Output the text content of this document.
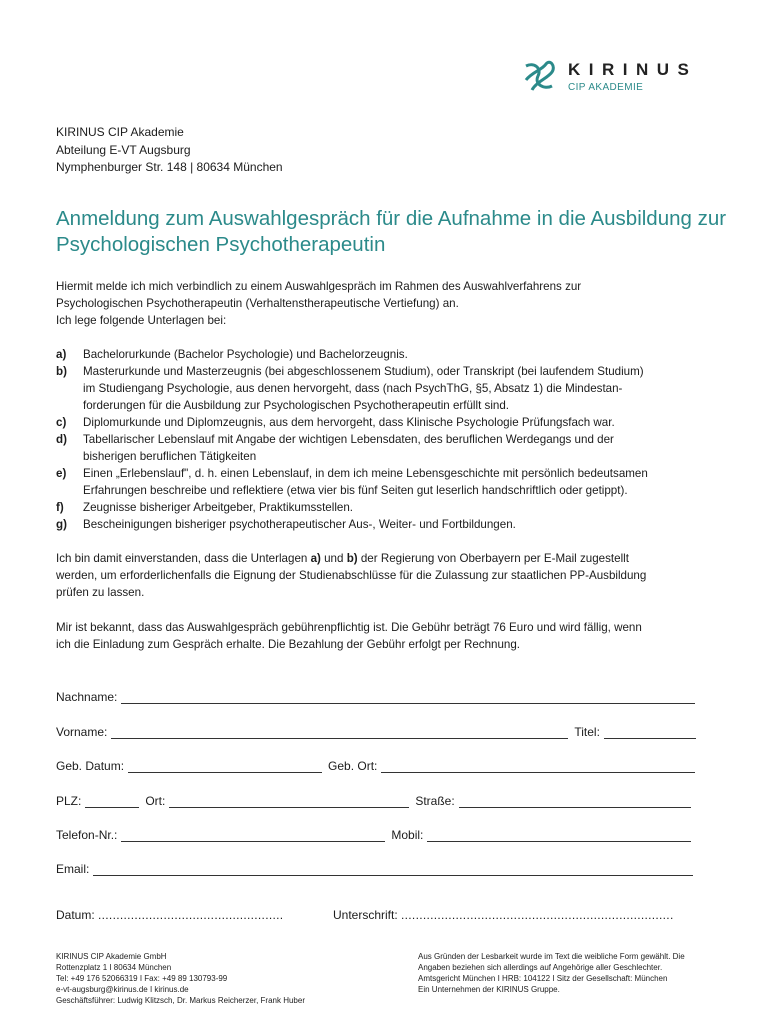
KIRINUS
CIP AKADEMIE
KIRINUS CIP Akademie
Abteilung E-VT Augsburg
Nymphenburger Str. 148 | 80634 München
Anmeldung zum Auswahlgespräch für die Aufnahme in die Ausbildung zur Psychologischen Psychotherapeutin
Hiermit melde ich mich verbindlich zu einem Auswahlgespräch im Rahmen des Auswahlverfahrens zur
Psychologischen Psychotherapeutin (Verhaltenstherapeutische Vertiefung) an.
Ich lege folgende Unterlagen bei:
a) Bachelorurkunde (Bachelor Psychologie) und Bachelorzeugnis.
b) Masterurkunde und Masterzeugnis (bei abgeschlossenem Studium), oder Transkript (bei laufendem Studium)
im Studiengang Psychologie, aus denen hervorgeht, dass (nach PsychThG, §5, Absatz 1) die Mindestan-
forderungen für die Ausbildung zur Psychologischen Psychotherapeutin erfüllt sind.
c) Diplomurkunde und Diplomzeugnis, aus dem hervorgeht, dass Klinische Psychologie Prüfungsfach war.
d) Tabellarischer Lebenslauf mit Angabe der wichtigen Lebensdaten, des beruflichen Werdegangs und der
bisherigen beruflichen Tätigkeiten
e) Einen „Erlebenslauf", d. h. einen Lebenslauf, in dem ich meine Lebensgeschichte mit persönlich bedeutsamen
Erfahrungen beschreibe und reflektiere (etwa vier bis fünf Seiten gut leserlich handschriftlich oder getippt).
f) Zeugnisse bisheriger Arbeitgeber, Praktikumsstellen.
g) Bescheinigungen bisheriger psychotherapeutischer Aus-, Weiter- und Fortbildungen.
Ich bin damit einverstanden, dass die Unterlagen a) und b) der Regierung von Oberbayern per E-Mail zugestellt
werden, um erforderlichenfalls die Eignung der Studienabschlüsse für die Zulassung zur staatlichen PP-Ausbildung
prüfen zu lassen.
Mir ist bekannt, dass das Auswahlgespräch gebührenpflichtig ist. Die Gebühr beträgt 76 Euro und wird fällig, wenn
ich die Einladung zum Gespräch erhalte. Die Bezahlung der Gebühr erfolgt per Rechnung.
Nachname:
Vorname:	Titel:
Geb. Datum:	Geb. Ort:
PLZ:	Ort:	Straße:
Telefon-Nr.:	Mobil:
Email:
Datum: ...................................................	Unterschrift: ...........................................................................
KIRINUS CIP Akademie GmbH
Rottenzplatz 1 I 80634 München
Tel: +49 176 52066319 I Fax: +49 89 130793-99
e-vt-augsburg@kirinus.de I kirinus.de
Geschäftsführer: Ludwig Klitzsch, Dr. Markus Reicherzer, Frank Huber
Aus Gründen der Lesbarkeit wurde im Text die weibliche Form gewählt. Die
Angaben beziehen sich allerdings auf Angehörige aller Geschlechter.
Amtsgericht München I HRB: 104122 I Sitz der Gesellschaft: München
Ein Unternehmen der KIRINUS Gruppe.
